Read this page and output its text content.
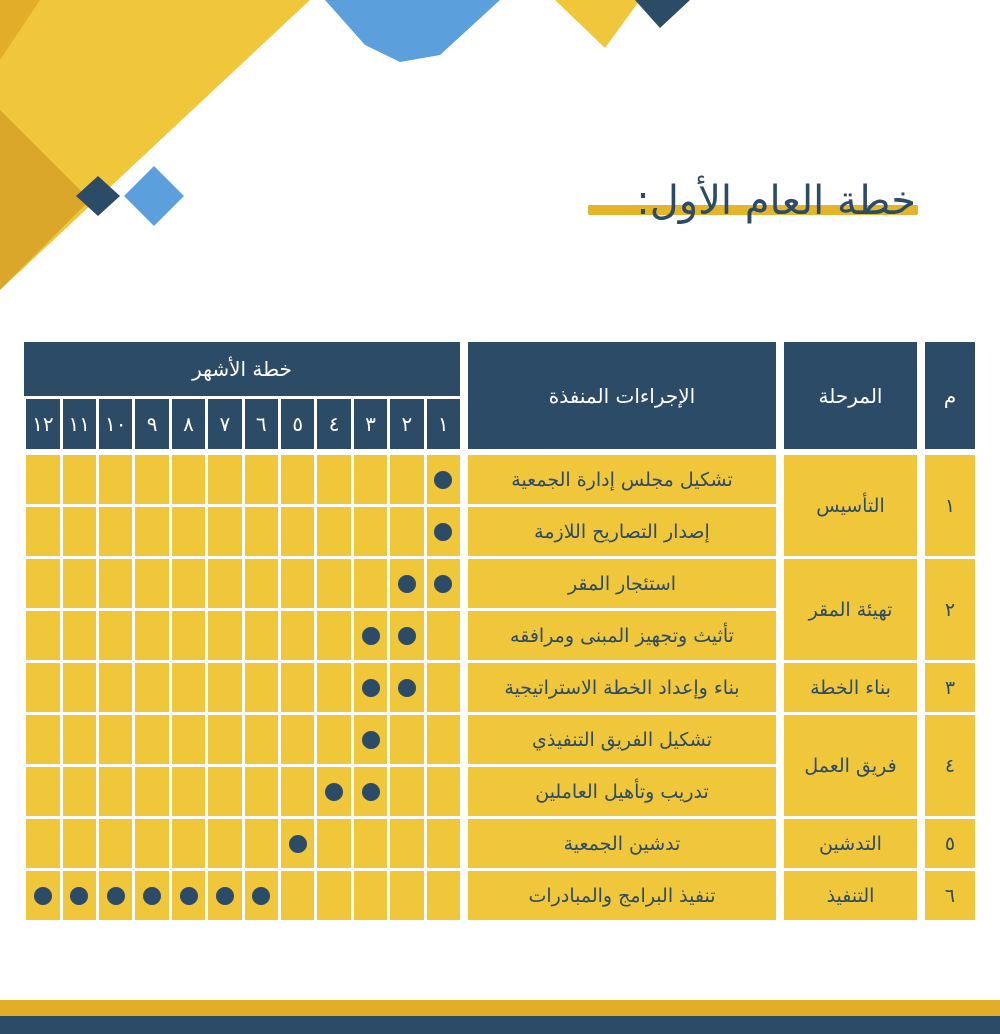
خطة العام الأول:
م
المرحلة
الإجراءات المنفذة
خطة الأشهر
١
٢
٣
٤
٥
٦
٧
٨
٩
١٠
١١
١٢
١
التأسيس
تشكيل مجلس إدارة الجمعية
إصدار التصاريح اللازمة
٢
تهيئة المقر
استئجار المقر
تأثيث وتجهيز المبنى ومرافقه
٣
بناء الخطة
بناء وإعداد الخطة الاستراتيجية
٤
فريق العمل
تشكيل الفريق التنفيذي
تدريب وتأهيل العاملين
٥
التدشين
تدشين الجمعية
٦
التنفيذ
تنفيذ البرامج والمبادرات
